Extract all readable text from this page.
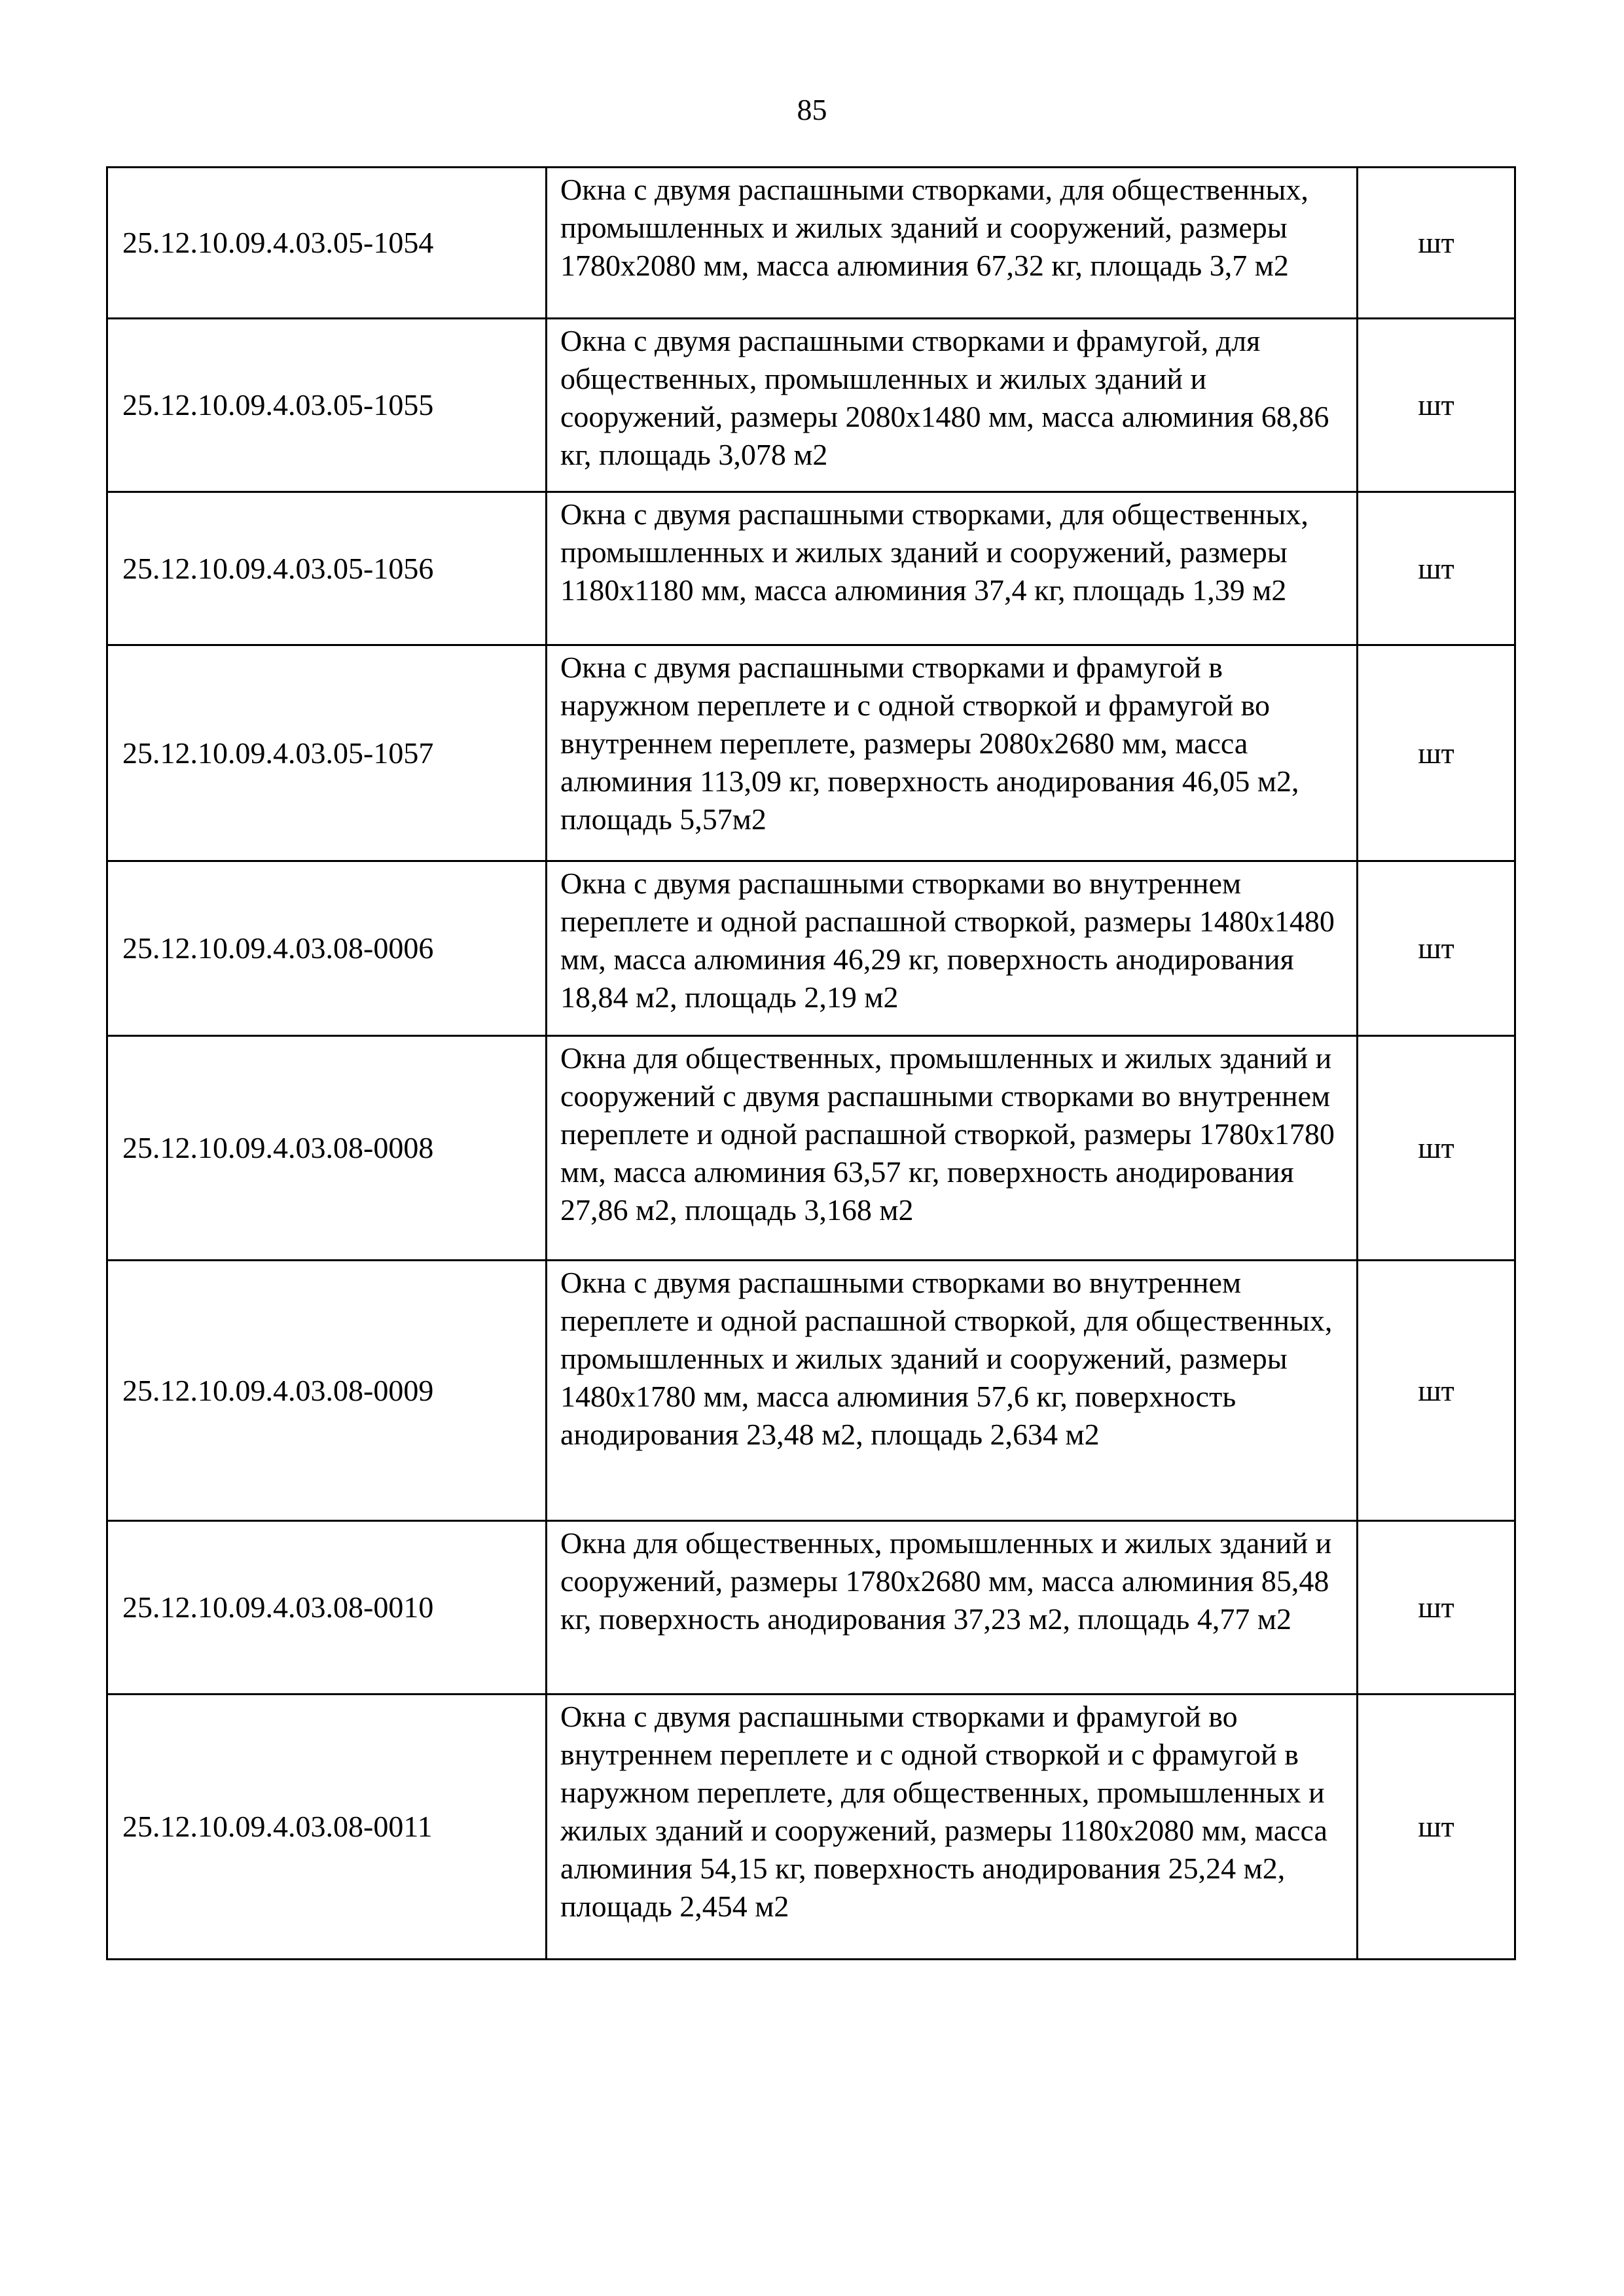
85
25.12.10.09.4.03.05-1054	Окна с двумя распашными створками, для общественных, промышленных и жилых зданий и сооружений, размеры 1780х2080 мм, масса алюминия 67,32 кг, площадь 3,7 м2	шт
25.12.10.09.4.03.05-1055	Окна с двумя распашными створками и фрамугой, для общественных, промышленных и жилых зданий и сооружений, размеры 2080х1480 мм, масса алюминия 68,86 кг, площадь 3,078 м2	шт
25.12.10.09.4.03.05-1056	Окна с двумя распашными створками, для общественных, промышленных и жилых зданий и сооружений, размеры 1180х1180 мм, масса алюминия 37,4 кг, площадь 1,39 м2	шт
25.12.10.09.4.03.05-1057	Окна с двумя распашными створками и фрамугой в наружном переплете и с одной створкой и фрамугой во внутреннем переплете, размеры 2080х2680 мм, масса алюминия 113,09 кг, поверхность анодирования 46,05 м2, площадь 5,57м2	шт
25.12.10.09.4.03.08-0006	Окна с двумя распашными створками во внутреннем переплете и одной распашной створкой, размеры 1480х1480 мм, масса алюминия 46,29 кг, поверхность анодирования 18,84 м2, площадь 2,19 м2	шт
25.12.10.09.4.03.08-0008	Окна для общественных, промышленных и жилых зданий и сооружений с двумя распашными створками во внутреннем переплете и одной распашной створкой, размеры 1780х1780 мм, масса алюминия 63,57 кг, поверхность анодирования 27,86 м2, площадь 3,168 м2	шт
25.12.10.09.4.03.08-0009	Окна с двумя распашными створками во внутреннем переплете и одной распашной створкой, для общественных, промышленных и жилых зданий и сооружений, размеры 1480х1780 мм, масса алюминия 57,6 кг, поверхность анодирования 23,48 м2, площадь 2,634 м2	шт
25.12.10.09.4.03.08-0010	Окна для общественных, промышленных и жилых зданий и сооружений, размеры 1780х2680 мм, масса алюминия 85,48 кг, поверхность анодирования 37,23 м2, площадь 4,77 м2	шт
25.12.10.09.4.03.08-0011	Окна с двумя распашными створками и фрамугой во внутреннем переплете и с одной створкой и с фрамугой в наружном переплете, для общественных, промышленных и жилых зданий и сооружений, размеры 1180х2080 мм, масса алюминия 54,15 кг, поверхность анодирования 25,24 м2, площадь 2,454 м2	шт
